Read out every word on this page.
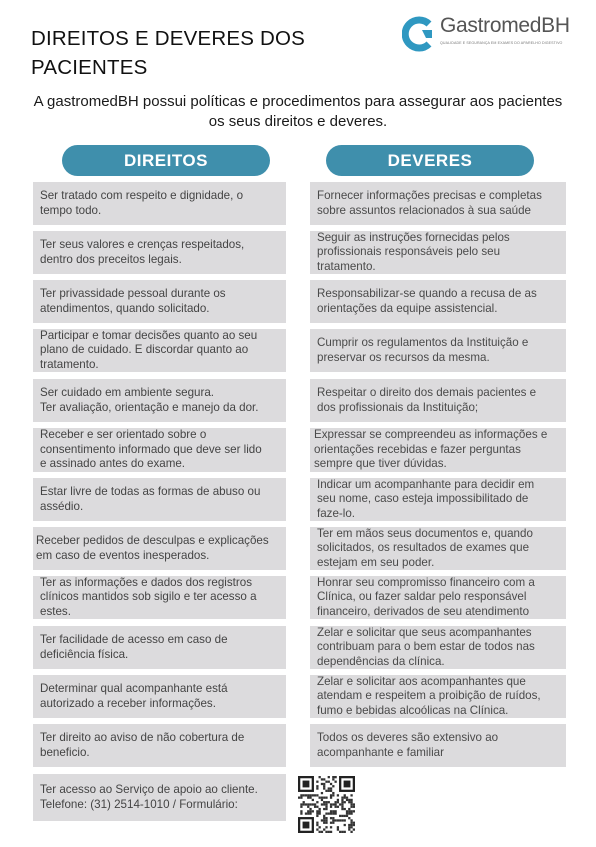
DIREITOS E DEVERES DOS
PACIENTES
GastromedBH
QUALIDADE E SEGURANÇA EM EXAMES DO APARELHO DIGESTIVO
A gastromedBH possui políticas e procedimentos para assegurar aos pacientes
os seus direitos e deveres.
DIREITOS	DEVERES
Ser tratado com respeito e dignidade, o
tempo todo.
Ter seus valores e crenças respeitados,
dentro dos preceitos legais.
Ter privassidade pessoal durante os
atendimentos, quando solicitado.
Participar e tomar decisões quanto ao seu
plano de cuidado. E discordar quanto ao
tratamento.
Ser cuidado em ambiente segura.
Ter avaliação, orientação e manejo da dor.
Receber e ser orientado sobre o
consentimento informado que deve ser lido
e assinado antes do exame.
Estar livre de todas as formas de abuso ou
assédio.
Receber pedidos de desculpas e explicações
em caso de eventos inesperados.
Ter as informações e dados dos registros
clínicos mantidos sob sigilo e ter acesso a
estes.
Ter facilidade de acesso em caso de
deficiência física.
Determinar qual acompanhante está
autorizado a receber informações.
Ter direito ao aviso de não cobertura de
beneficio.
Ter acesso ao Serviço de apoio ao cliente.
Telefone: (31) 2514-1010 / Formulário:
Fornecer informações precisas e completas
sobre assuntos relacionados à sua saúde
Seguir as instruções fornecidas pelos
profissionais responsáveis pelo seu
tratamento.
Responsabilizar-se quando a recusa de as
orientações da equipe assistencial.
Cumprir os regulamentos da Instituição e
preservar os recursos da mesma.
Respeitar o direito dos demais pacientes e
dos profissionais da Instituição;
Expressar se compreendeu as informações e
orientações recebidas e fazer perguntas
sempre que tiver dúvidas.
Indicar um acompanhante para decidir em
seu nome, caso esteja impossibilitado de
faze-lo.
Ter em mãos seus documentos e, quando
solicitados, os resultados de exames que
estejam em seu poder.
Honrar seu compromisso financeiro com a
Clínica, ou fazer saldar pelo responsável
financeiro, derivados de seu atendimento
Zelar e solicitar que seus acompanhantes
contribuam para o bem estar de todos nas
dependências da clínica.
Zelar e solicitar aos acompanhantes que
atendam e respeitem a proibição de ruídos,
fumo e bebidas alcoólicas na Clínica.
Todos os deveres são extensivo ao
acompanhante e familiar
